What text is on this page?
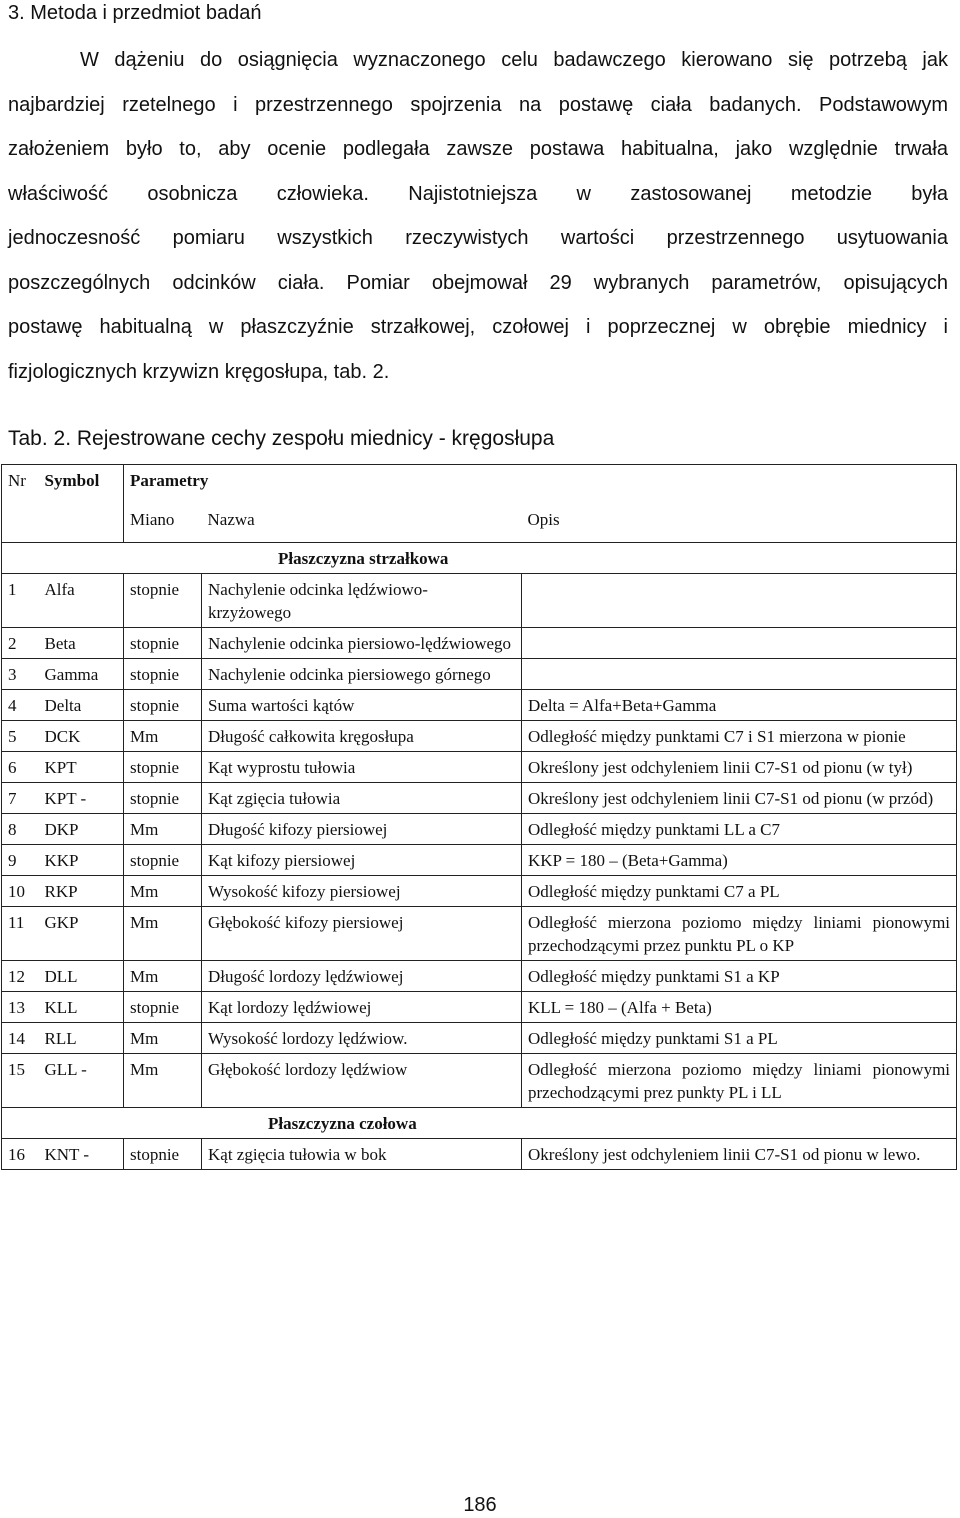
3. Metoda i przedmiot badań
W dążeniu do osiągnięcia wyznaczonego celu badawczego kierowano się potrzebą jak
najbardziej rzetelnego i przestrzennego spojrzenia na postawę ciała badanych. Podstawowym
założeniem było to, aby ocenie podlegała zawsze postawa habitualna, jako względnie trwała
właściwość osobnicza człowieka. Najistotniejsza w zastosowanej metodzie była
jednoczesność pomiaru wszystkich rzeczywistych wartości przestrzennego usytuowania
poszczególnych odcinków ciała. Pomiar obejmował 29 wybranych parametrów, opisujących
postawę habitualną w płaszczyźnie strzałkowej, czołowej i poprzecznej w obrębie miednicy i
fizjologicznych krzywizn kręgosłupa, tab. 2.
Tab. 2. Rejestrowane cechy zespołu miednicy - kręgosłupa
Nr	Symbol	Parametry		
		Miano	Nazwa	Opis
Płaszczyzna strzałkowa				
1	Alfa	stopnie	Nachylenie odcinka lędźwiowo- krzyżowego	
2	Beta	stopnie	Nachylenie odcinka piersiowo-lędźwiowego	
3	Gamma	stopnie	Nachylenie odcinka piersiowego górnego	
4	Delta	stopnie	Suma wartości kątów	Delta = Alfa+Beta+Gamma
5	DCK	Mm	Długość całkowita kręgosłupa	Odległość między punktami C7 i S1 mierzona w pionie
6	KPT	stopnie	Kąt wyprostu tułowia	Określony jest odchyleniem linii C7-S1 od pionu (w tył)
7	KPT -	stopnie	Kąt zgięcia tułowia	Określony jest odchyleniem linii C7-S1 od pionu (w przód)
8	DKP	Mm	Długość kifozy piersiowej	Odległość między punktami LL a C7
9	KKP	stopnie	Kąt kifozy piersiowej	KKP = 180 – (Beta+Gamma)
10	RKP	Mm	Wysokość kifozy piersiowej	Odległość między punktami C7 a PL
11	GKP	Mm	Głębokość kifozy piersiowej	Odległość mierzona poziomo między liniami pionowymi przechodzącymi przez punktu PL o KP
12	DLL	Mm	Długość lordozy lędźwiowej	Odległość między punktami S1 a KP
13	KLL	stopnie	Kąt lordozy lędźwiowej	KLL = 180 – (Alfa + Beta)
14	RLL	Mm	Wysokość lordozy lędźwiow.	Odległość między punktami S1 a PL
15	GLL -	Mm	Głębokość lordozy lędźwiow	Odległość mierzona poziomo między liniami pionowymi przechodzącymi prez punkty PL i LL
Płaszczyzna czołowa				
16	KNT -	stopnie	Kąt zgięcia tułowia w bok	Określony jest odchyleniem linii C7-S1 od pionu w lewo.
186
